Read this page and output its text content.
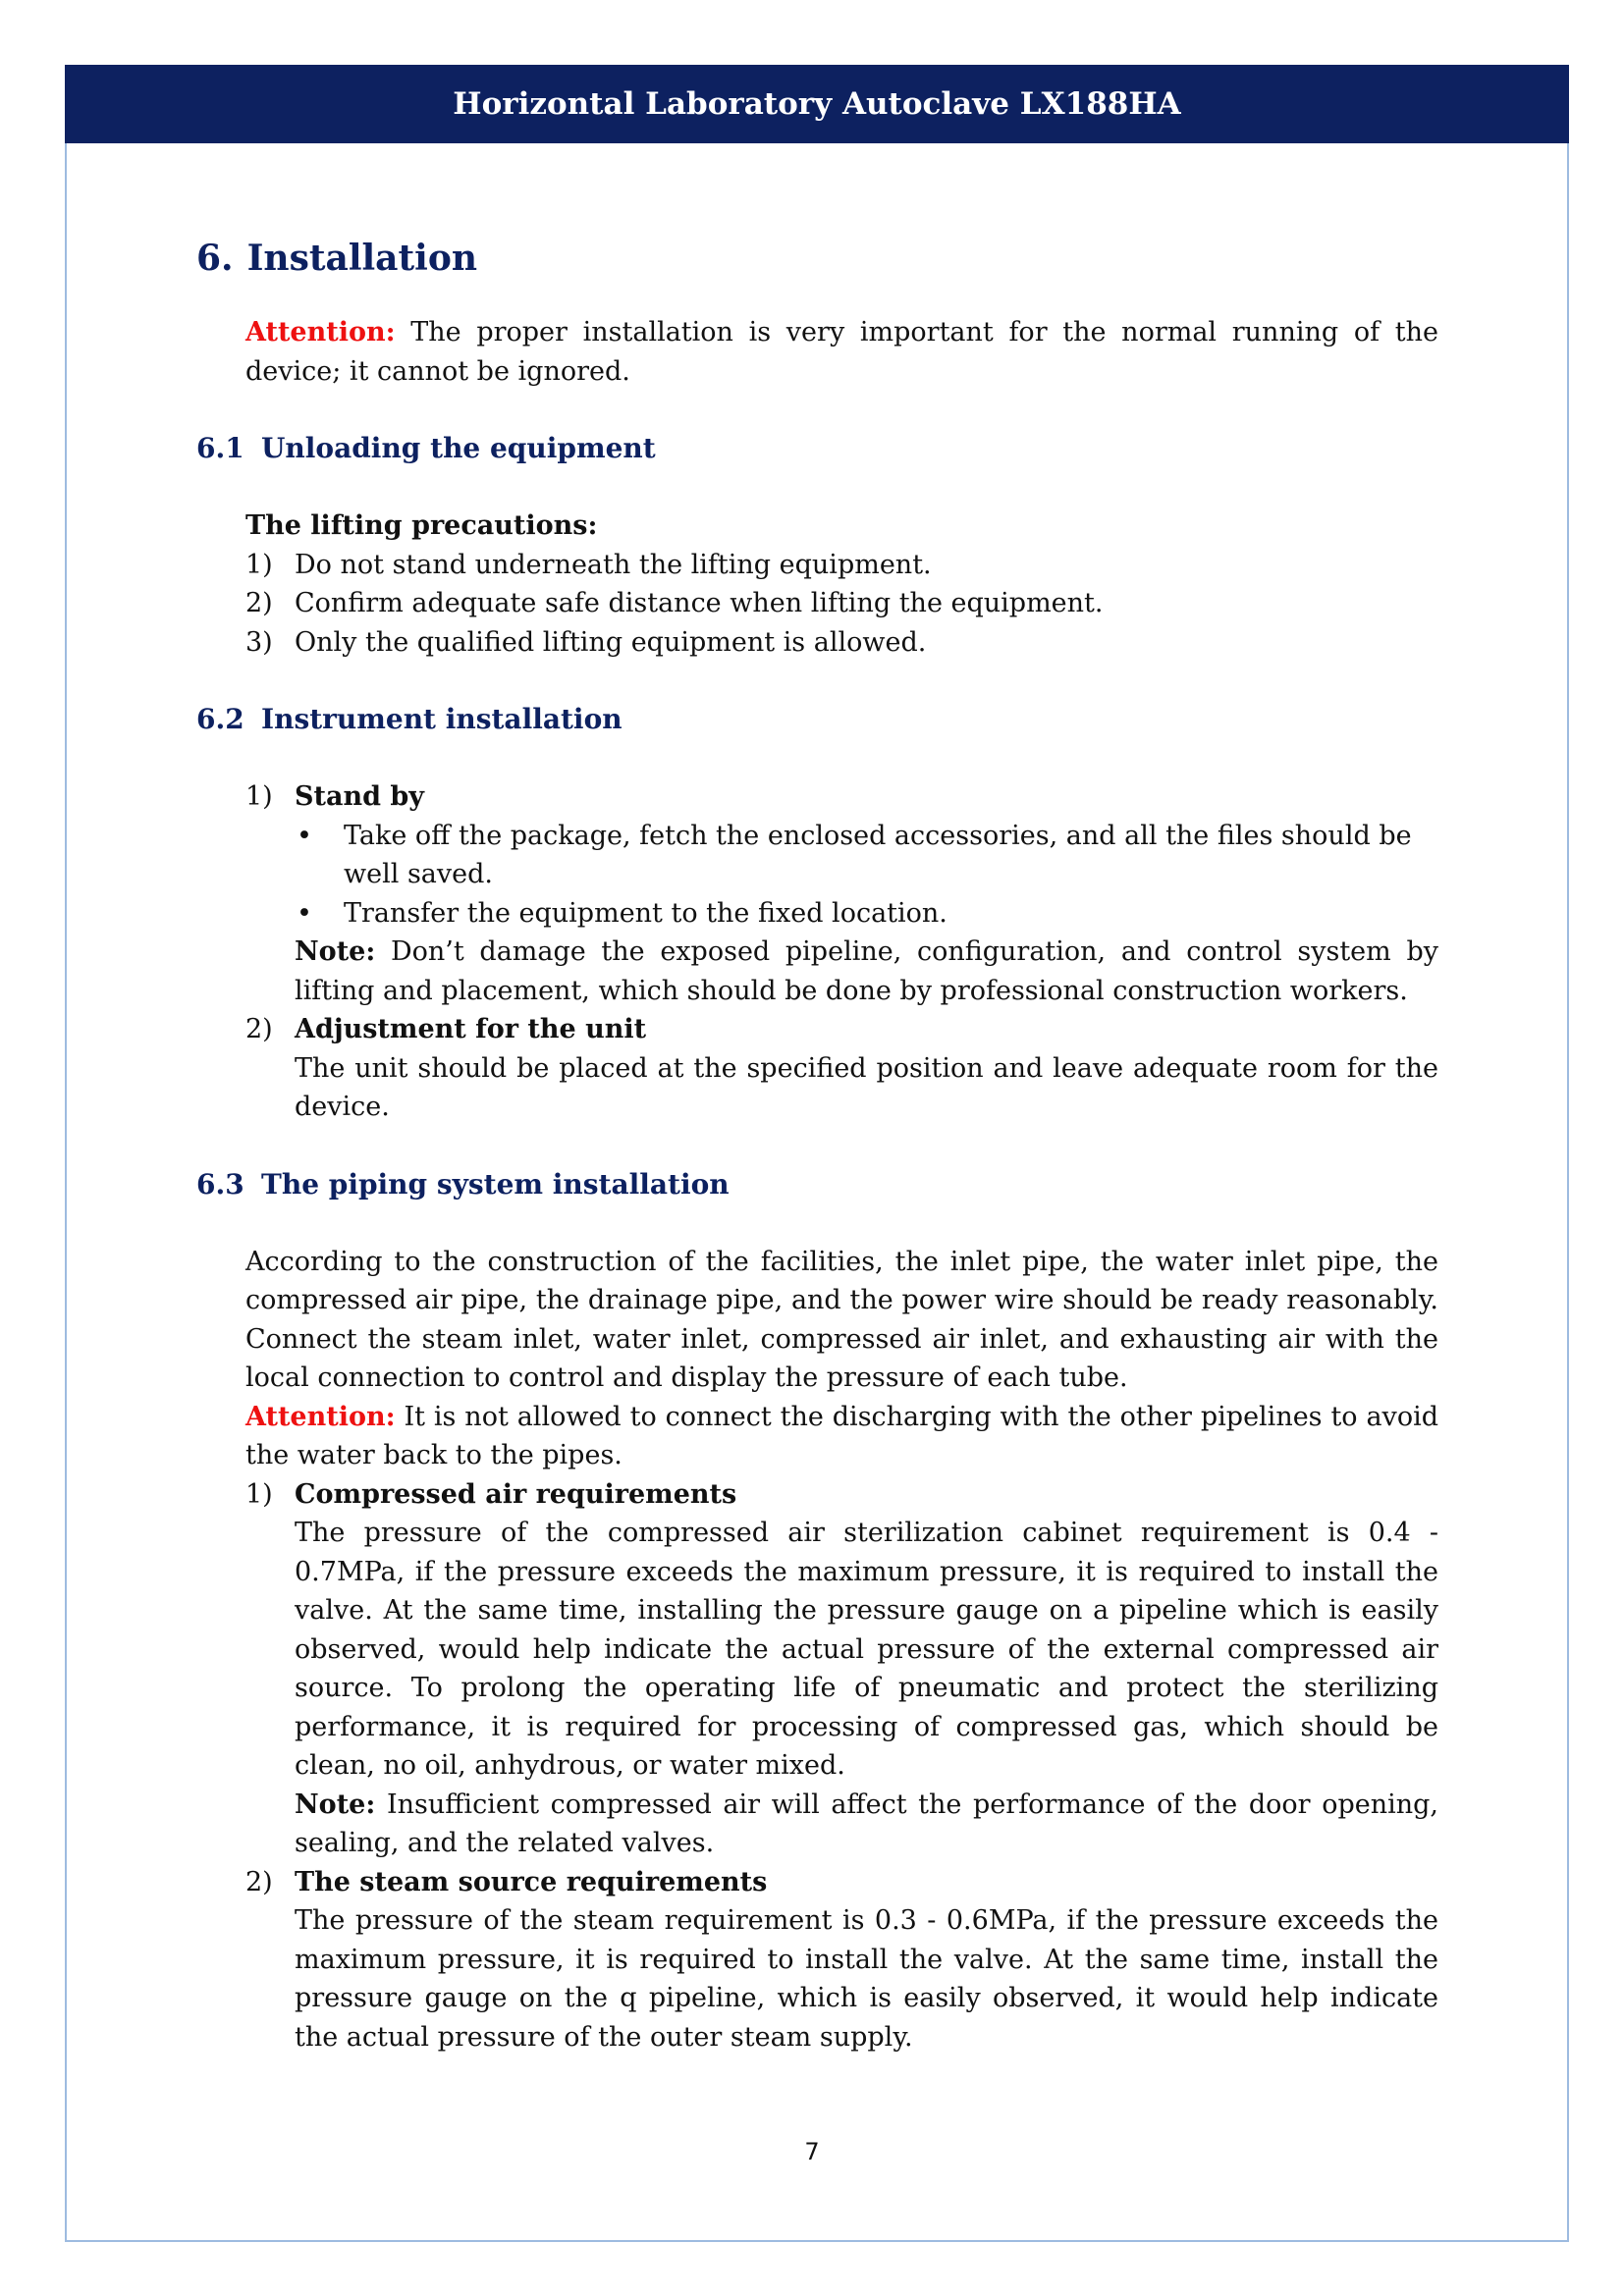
Horizontal Laboratory Autoclave LX188HA
6. Installation

Attention: The proper installation is very important for the normal running of the device; it cannot be ignored.

6.1 Unloading the equipment

The lifting precautions:

1) Do not stand underneath the lifting equipment.
2) Confirm adequate safe distance when lifting the equipment.
3) Only the qualified lifting equipment is allowed.
6.2 Instrument installation
1) Stand by
•	Take off the package, fetch the enclosed accessories, and all the files should be well saved.
•	Transfer the equipment to the fixed location.

Note: Don’t damage the exposed pipeline, configuration, and control system by lifting and placement, which should be done by professional construction workers.

2) Adjustment for the unit

The unit should be placed at the specified position and leave adequate room for the device.

6.3 The piping system installation

According to the construction of the facilities, the inlet pipe, the water inlet pipe, the compressed air pipe, the drainage pipe, and the power wire should be ready reasonably. Connect the steam inlet, water inlet, compressed air inlet, and exhausting air with the local connection to control and display the pressure of each tube.

Attention: It is not allowed to connect the discharging with the other pipelines to avoid the water back to the pipes.

1) Compressed air requirements

The pressure of the compressed air sterilization cabinet requirement is 0.4 - 0.7MPa, if the pressure exceeds the maximum pressure, it is required to install the valve. At the same time, installing the pressure gauge on a pipeline which is easily observed, would help indicate the actual pressure of the external compressed air source. To prolong the operating life of pneumatic and protect the sterilizing performance, it is required for processing of compressed gas, which should be clean, no oil, anhydrous, or water mixed.

Note: Insufficient compressed air will affect the performance of the door opening, sealing, and the related valves.

2) The steam source requirements

The pressure of the steam requirement is 0.3 - 0.6MPa, if the pressure exceeds the maximum pressure, it is required to install the valve. At the same time, install the pressure gauge on the q pipeline, which is easily observed, it would help indicate the actual pressure of the outer steam supply.

7
